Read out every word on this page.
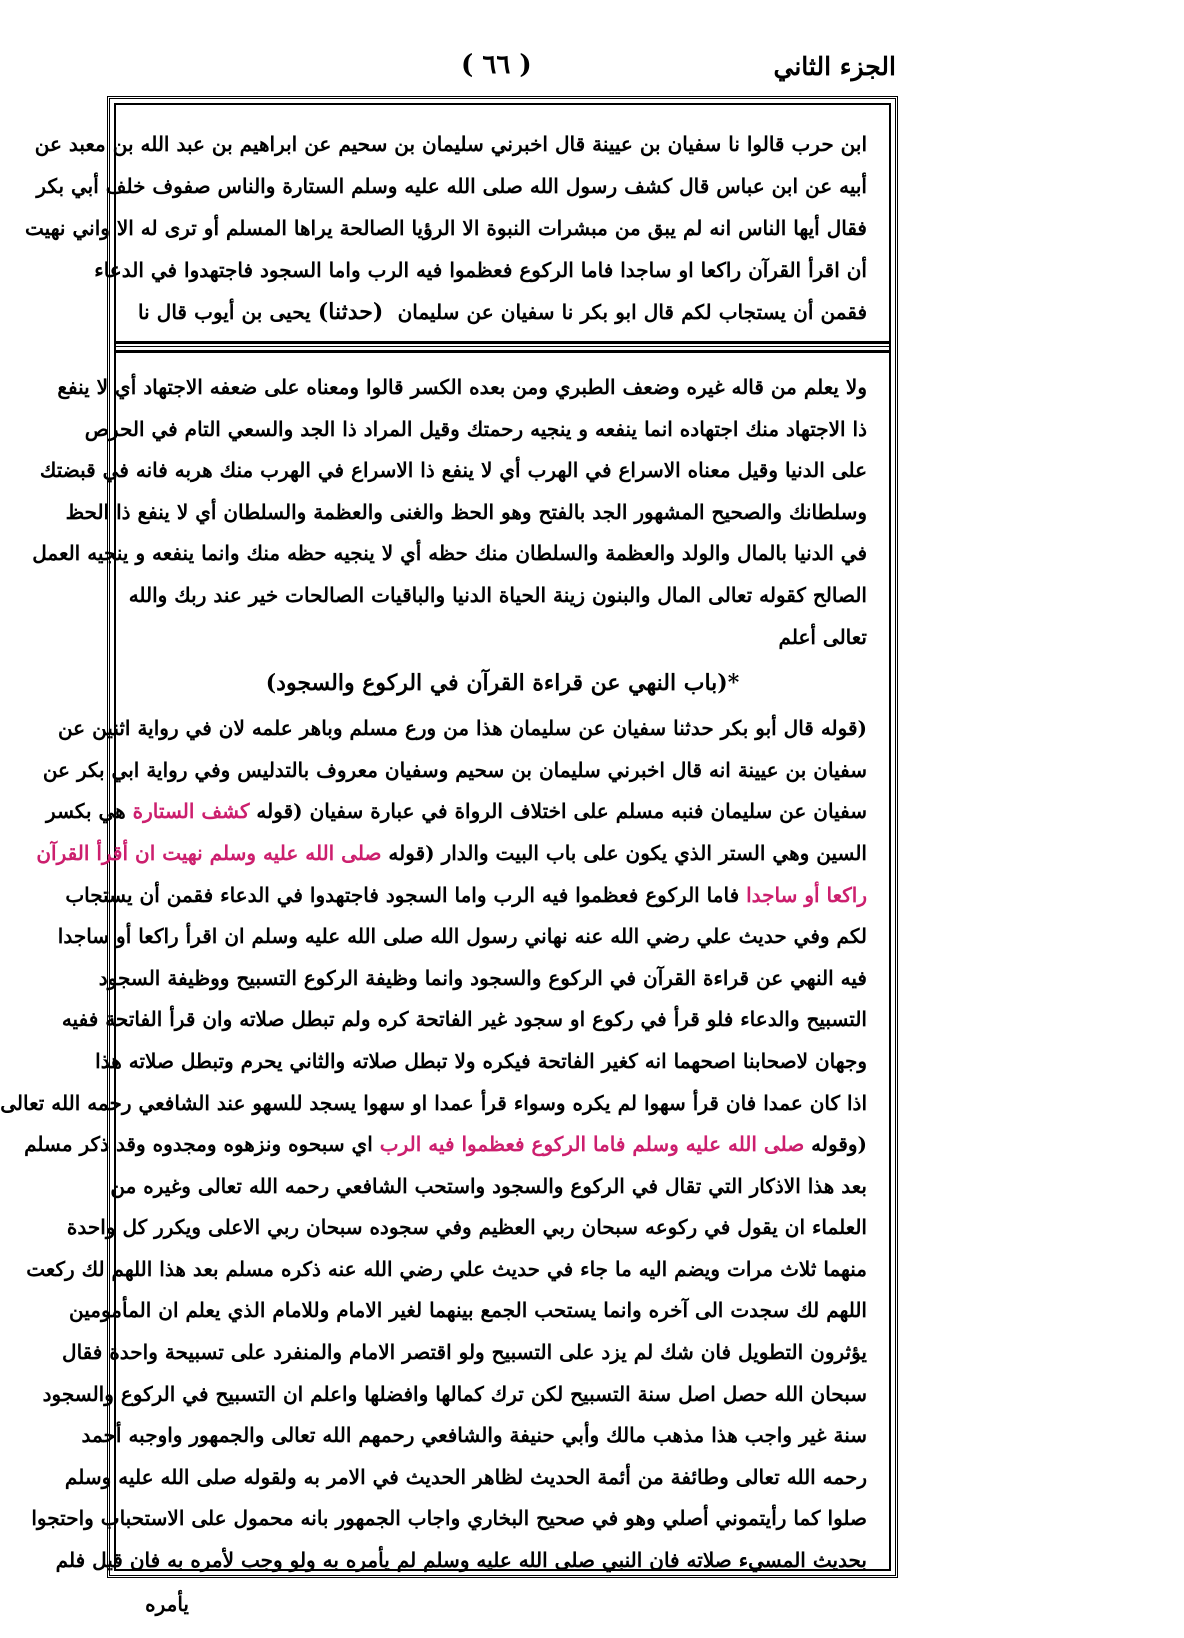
الجزء الثاني
( ٦٦ )

ابن حرب قالوا نا سفيان بن عيينة قال اخبرني سليمان بن سحيم عن ابراهيم بن عبد الله بن معبد عن

أبيه عن ابن عباس قال كشف رسول الله صلى الله عليه وسلم الستارة والناس صفوف خلف أبي بكر

فقال أيها الناس انه لم يبق من مبشرات النبوة الا الرؤيا الصالحة يراها المسلم أو ترى له الا واني نهيت

أن اقرأ القرآن راكعا او ساجدا فاما الركوع فعظموا فيه الرب واما السجود فاجتهدوا في الدعاء

فقمن أن يستجاب لكم قال ابو بكر نا سفيان عن سليمان  (حدثنا) يحيى بن أيوب قال نا

ولا يعلم من قاله غيره وضعف الطبري ومن بعده الكسر قالوا ومعناه على ضعفه الاجتهاد أي لا ينفع

ذا الاجتهاد منك اجتهاده انما ينفعه و ينجيه رحمتك وقيل المراد ذا الجد والسعي التام في الحرص

على الدنيا وقيل معناه الاسراع في الهرب أي لا ينفع ذا الاسراع في الهرب منك هربه فانه في قبضتك

وسلطانك والصحيح المشهور الجد بالفتح وهو الحظ والغنى والعظمة والسلطان أي لا ينفع ذا الحظ

في الدنيا بالمال والولد والعظمة والسلطان منك حظه أي لا ينجيه حظه منك وانما ينفعه و ينجيه العمل

الصالح كقوله تعالى المال والبنون زينة الحياة الدنيا والباقيات الصالحات خير عند ربك والله

تعالى أعلم

*(باب النهي عن قراءة القرآن في الركوع والسجود)

(قوله قال أبو بكر حدثنا سفيان عن سليمان هذا من ورع مسلم وباهر علمه لان في رواية اثنين عن

سفيان بن عيينة انه قال اخبرني سليمان بن سحيم وسفيان معروف بالتدليس وفي رواية ابي بكر عن

سفيان عن سليمان فنبه مسلم على اختلاف الرواة في عبارة سفيان (قوله كشف الستارة هي بكسر

السين وهي الستر الذي يكون على باب البيت والدار (قوله صلى الله عليه وسلم نهيت ان أقرأ القرآن

راكعا أو ساجدا فاما الركوع فعظموا فيه الرب واما السجود فاجتهدوا في الدعاء فقمن أن يستجاب

لكم وفي حديث علي رضي الله عنه نهاني رسول الله صلى الله عليه وسلم ان اقرأ راكعا أو ساجدا

فيه النهي عن قراءة القرآن في الركوع والسجود وانما وظيفة الركوع التسبيح ووظيفة السجود

التسبيح والدعاء فلو قرأ في ركوع او سجود غير الفاتحة كره ولم تبطل صلاته وان قرأ الفاتحة ففيه

وجهان لاصحابنا اصحهما انه كغير الفاتحة فيكره ولا تبطل صلاته والثاني يحرم وتبطل صلاته هذا

اذا كان عمدا فان قرأ سهوا لم يكره وسواء قرأ عمدا او سهوا يسجد للسهو عند الشافعي رحمه الله تعالى

(وقوله صلى الله عليه وسلم فاما الركوع فعظموا فيه الرب اي سبحوه ونزهوه ومجدوه وقد ذكر مسلم

بعد هذا الاذكار التي تقال في الركوع والسجود واستحب الشافعي رحمه الله تعالى وغيره من

العلماء ان يقول في ركوعه سبحان ربي العظيم وفي سجوده سبحان ربي الاعلى ويكرر كل واحدة

منهما ثلاث مرات ويضم اليه ما جاء في حديث علي رضي الله عنه ذكره مسلم بعد هذا اللهم لك ركعت

اللهم لك سجدت الى آخره وانما يستحب الجمع بينهما لغير الامام وللامام الذي يعلم ان المأمومين

يؤثرون التطويل فان شك لم يزد على التسبيح ولو اقتصر الامام والمنفرد على تسبيحة واحدة فقال

سبحان الله حصل اصل سنة التسبيح لكن ترك كمالها وافضلها واعلم ان التسبيح في الركوع والسجود

سنة غير واجب هذا مذهب مالك وأبي حنيفة والشافعي رحمهم الله تعالى والجمهور واوجبه أحمد

رحمه الله تعالى وطائفة من أئمة الحديث لظاهر الحديث في الامر به ولقوله صلى الله عليه وسلم

صلوا كما رأيتموني أصلي وهو في صحيح البخاري واجاب الجمهور بانه محمول على الاستحباب واحتجوا

بحديث المسيء صلاته فان النبي صلى الله عليه وسلم لم يأمره به ولو وجب لأمره به فان قيل فلم

يأمره
